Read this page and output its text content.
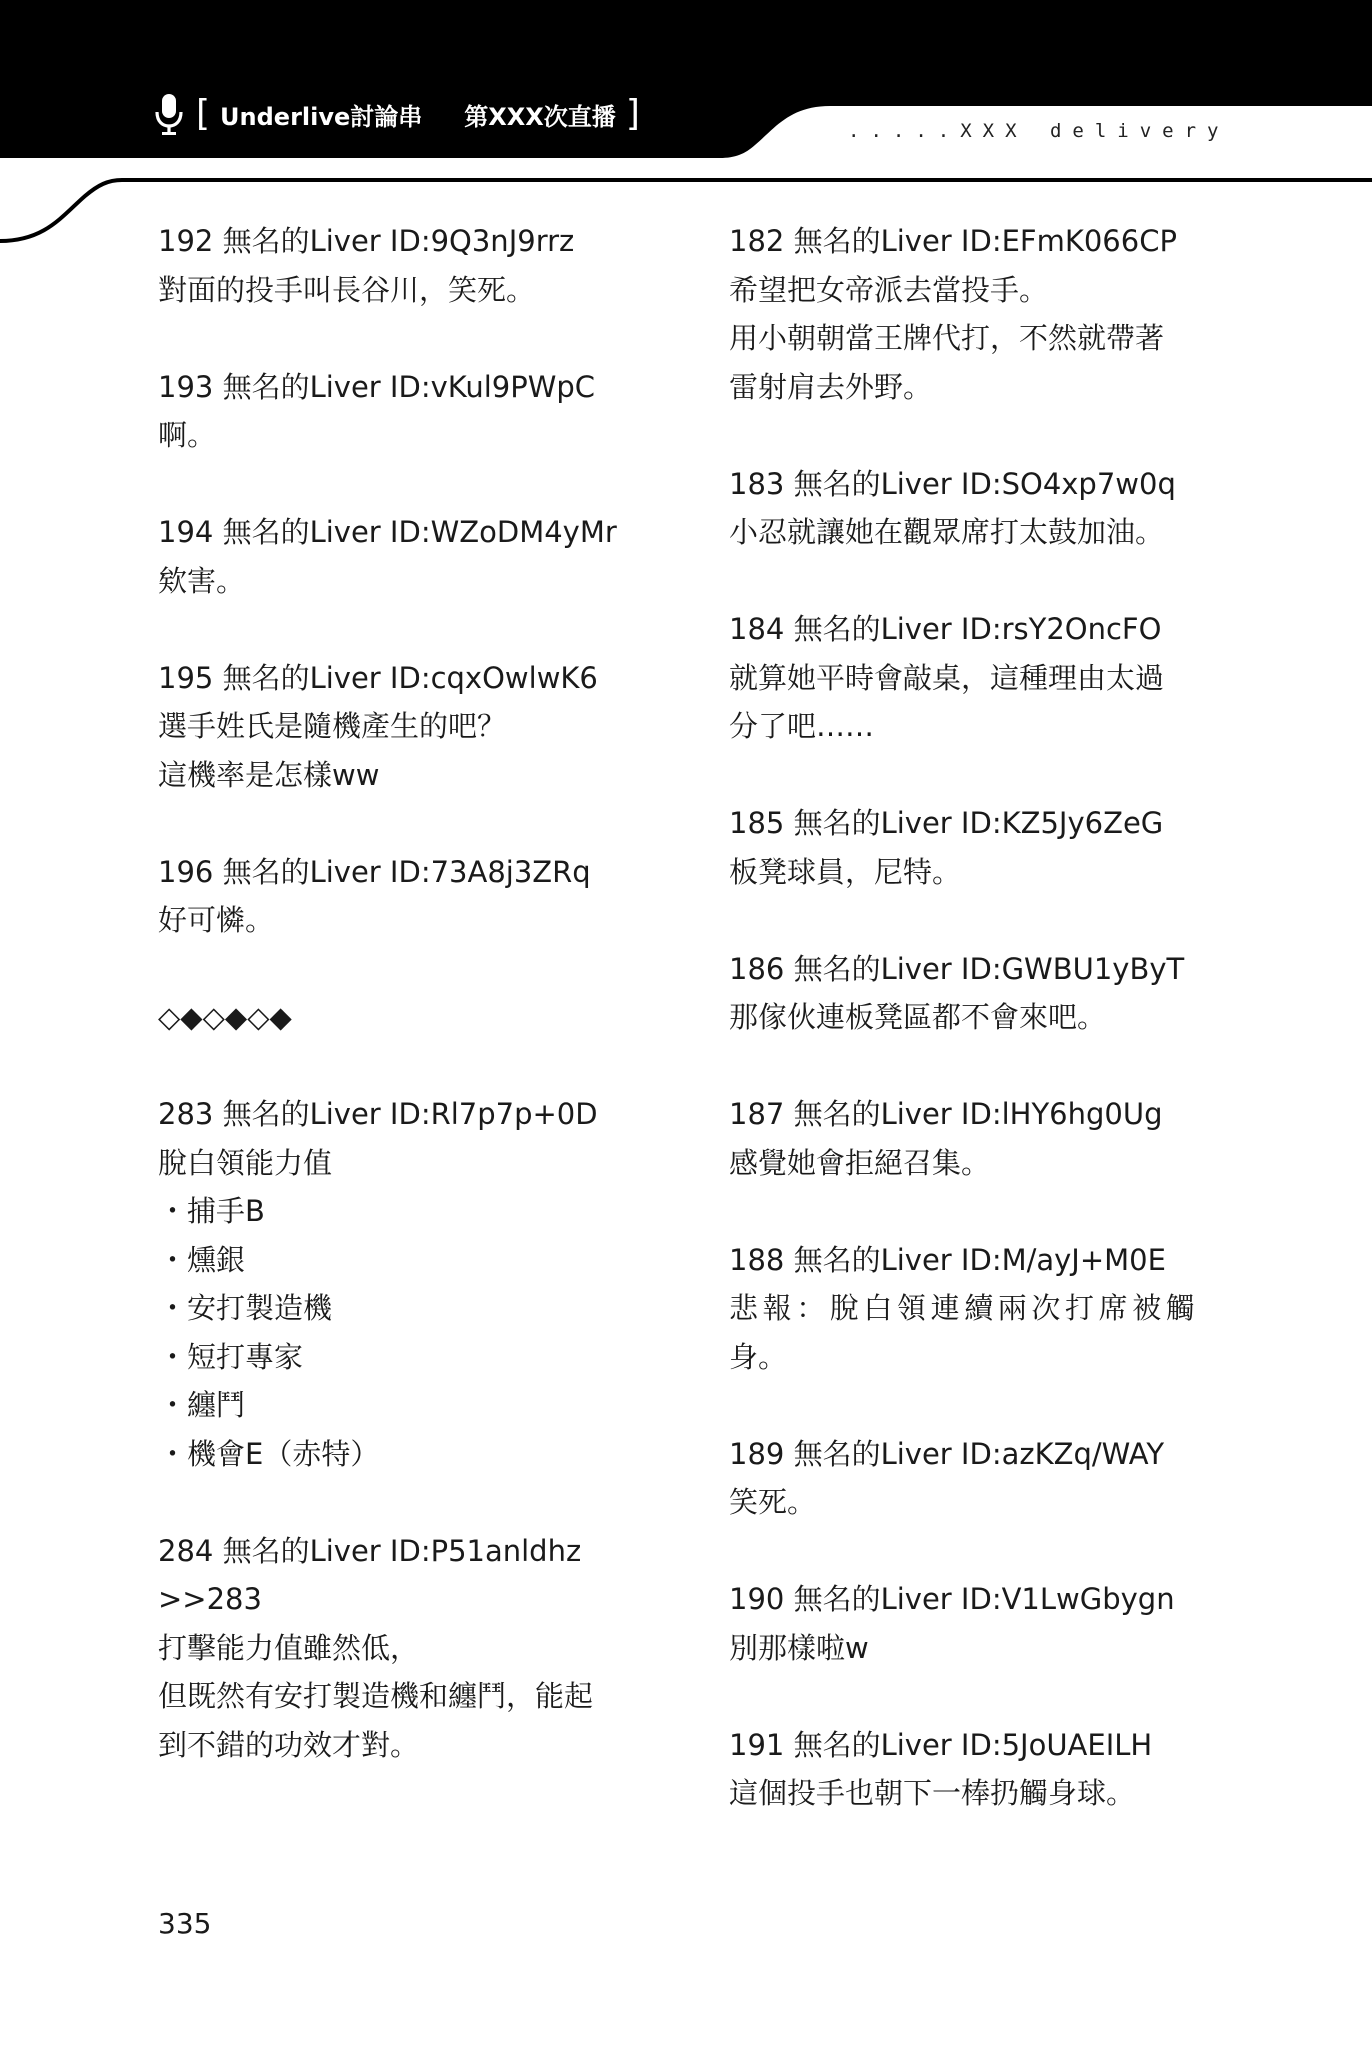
[ Underlive討論串 第XXX次直播 ]	.....XXX delivery
192 無名的Liver ID:9Q3nJ9rrz
對面的投手叫長谷川，笑死。
193 無名的Liver ID:vKul9PWpC
啊。
194 無名的Liver ID:WZoDM4yMr
欸害。
195 無名的Liver ID:cqxOwlwK6
選手姓氏是隨機產生的吧？
這機率是怎樣ww
196 無名的Liver ID:73A8j3ZRq
好可憐。
◇◆◇◆◇◆
283 無名的Liver ID:Rl7p7p+0D
脫白領能力值
・捕手B
・燻銀
・安打製造機
・短打專家
・纏鬥
・機會E（赤特）
284 無名的Liver ID:P51anldhz
>>283
打擊能力值雖然低，
但既然有安打製造機和纏鬥，能起
到不錯的功效才對。
182 無名的Liver ID:EFmK066CP
希望把女帝派去當投手。
用小朝朝當王牌代打，不然就帶著
雷射肩去外野。
183 無名的Liver ID:SO4xp7w0q
小忍就讓她在觀眾席打太鼓加油。
184 無名的Liver ID:rsY2OncFO
就算她平時會敲桌，這種理由太過
分了吧……
185 無名的Liver ID:KZ5Jy6ZeG
板凳球員，尼特。
186 無名的Liver ID:GWBU1yByT
那傢伙連板凳區都不會來吧。
187 無名的Liver ID:lHY6hg0Ug
感覺她會拒絕召集。
188 無名的Liver ID:M/ayJ+M0E
悲報：脫白領連續兩次打席被觸
身。
189 無名的Liver ID:azKZq/WAY
笑死。
190 無名的Liver ID:V1LwGbygn
別那樣啦w
191 無名的Liver ID:5JoUAEILH
這個投手也朝下一棒扔觸身球。
335
